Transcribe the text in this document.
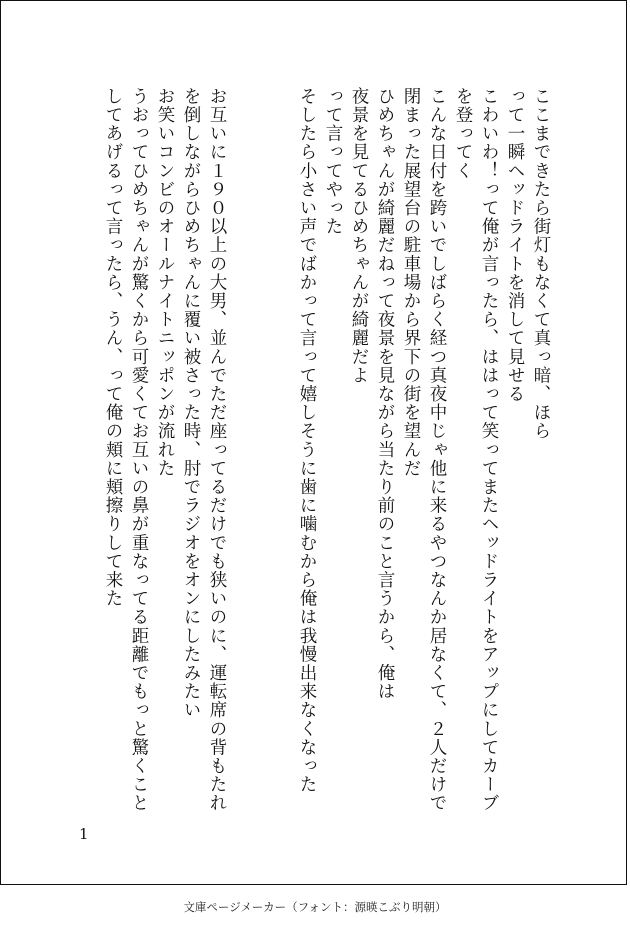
ここまできたら街灯もなくて真っ暗、ほら
って一瞬ヘッドライトを消して見せる
こわいわ！って俺が言ったら、ははって笑ってまたヘッドライトをアップにしてカーブ
を登ってく
こんな日付を跨いでしばらく経つ真夜中じゃ他に来るやつなんか居なくて、２人だけで
閉まった展望台の駐車場から界下の街を望んだ
ひめちゃんが綺麗だねって夜景を見ながら当たり前のこと言うから、俺は
夜景を見てるひめちゃんが綺麗だよ
って言ってやった
そしたら小さい声でばかって言って嬉しそうに歯に噛むから俺は我慢出来なくなった
お互いに１９０以上の大男、並んでただ座ってるだけでも狭いのに、運転席の背もたれ
を倒しながらひめちゃんに覆い被さった時、肘でラジオをオンにしたみたい
お笑いコンビのオールナイトニッポンが流れた
うおってひめちゃんが驚くから可愛くてお互いの鼻が重なってる距離でもっと驚くこと
してあげるって言ったら、うん、って俺の頬に頬擦りして来た
1
文庫ページメーカー（フォント：源暎こぶり明朝）
